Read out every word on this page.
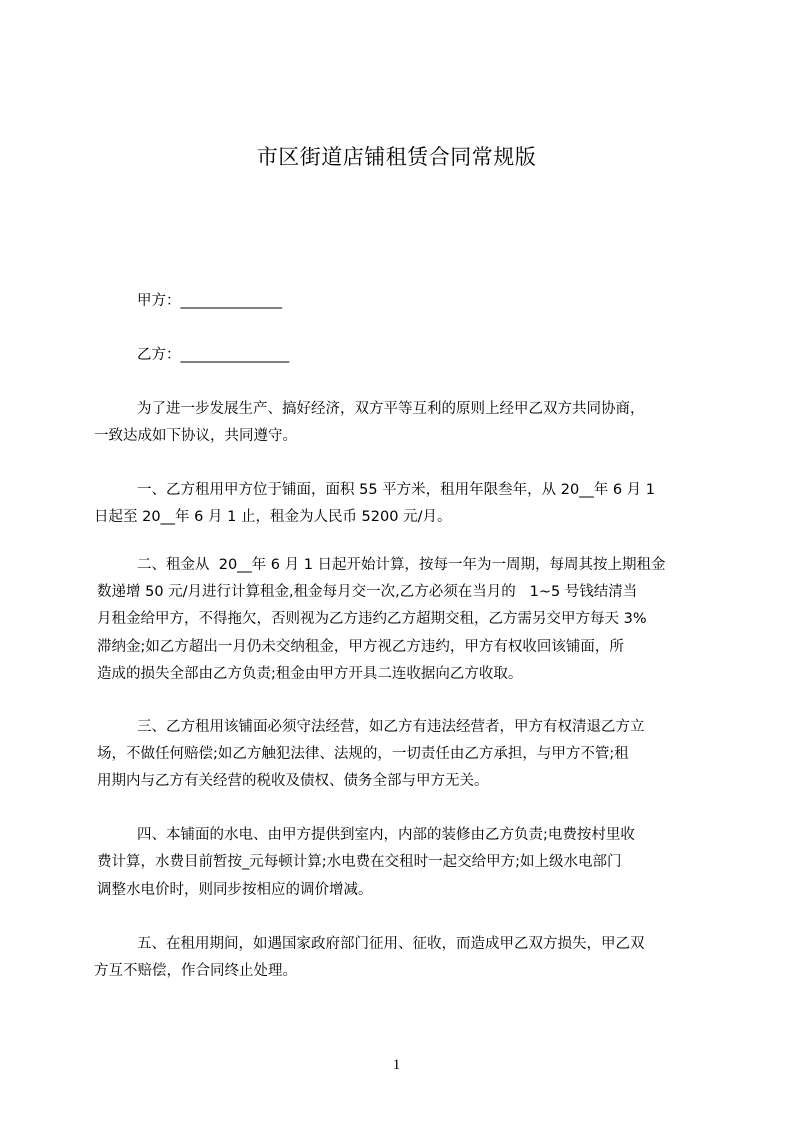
市区街道店铺租赁合同常规版
甲方：______________
乙方：_______________
为了进一步发展生产、搞好经济，双方平等互利的原则上经甲乙双方共同协商，
一致达成如下协议，共同遵守。
一、乙方租用甲方位于铺面，面积 55 平方米，租用年限叁年，从 20__年 6 月 1
日起至 20__年 6 月 1 止，租金为人民币 5200 元/月。
二、租金从  20__年 6 月 1 日起开始计算，按每一年为一周期，每周其按上期租金
数递增 50 元/月进行计算租金,租金每月交一次,乙方必须在当月的   1~5 号钱结清当
月租金给甲方，不得拖欠，否则视为乙方违约乙方超期交租，乙方需另交甲方每天 3%
滞纳金;如乙方超出一月仍未交纳租金，甲方视乙方违约，甲方有权收回该铺面，所
造成的损失全部由乙方负责;租金由甲方开具二连收据向乙方收取。
三、乙方租用该铺面必须守法经营，如乙方有违法经营者，甲方有权清退乙方立
场，不做任何赔偿;如乙方触犯法律、法规的，一切责任由乙方承担，与甲方不管;租
用期内与乙方有关经营的税收及债权、债务全部与甲方无关。
四、本铺面的水电、由甲方提供到室内，内部的装修由乙方负责;电费按村里收
费计算，水费目前暂按_元每顿计算;水电费在交租时一起交给甲方;如上级水电部门
调整水电价时，则同步按相应的调价增减。
五、在租用期间，如遇国家政府部门征用、征收，而造成甲乙双方损失，甲乙双
方互不赔偿，作合同终止处理。
1
